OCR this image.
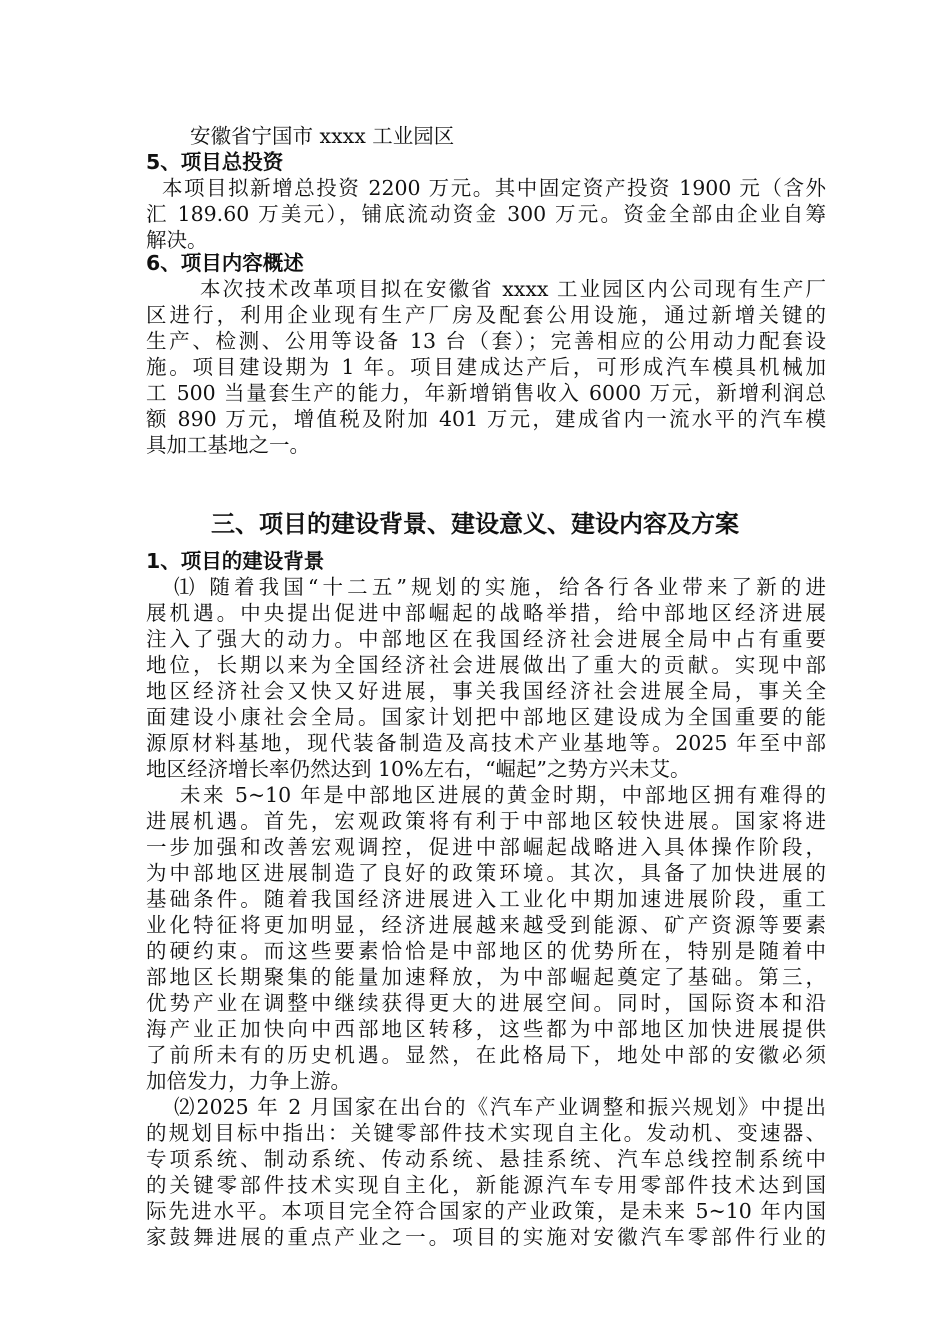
安徽省宁国市 xxxx 工业园区
5、项目总投资
本项目拟新增总投资 2200 万元。其中固定资产投资 1900 元（含外
汇 189.60 万美元），铺底流动资金 300 万元。资金全部由企业自筹
解决。
6、项目内容概述
本次技术改革项目拟在安徽省 xxxx 工业园区内公司现有生产厂
区进行，利用企业现有生产厂房及配套公用设施，通过新增关键的
生产、检测、公用等设备 13 台（套）；完善相应的公用动力配套设
施。项目建设期为 1 年。项目建成达产后，可形成汽车模具机械加
工 500 当量套生产的能力，年新增销售收入 6000 万元，新增利润总
额 890 万元，增值税及附加 401 万元，建成省内一流水平的汽车模
具加工基地之一。
三、项目的建设背景、建设意义、建设内容及方案
1、项目的建设背景
⑴ 随着我国“十二五”规划的实施，给各行各业带来了新的进
展机遇。中央提出促进中部崛起的战略举措，给中部地区经济进展
注入了强大的动力。中部地区在我国经济社会进展全局中占有重要
地位，长期以来为全国经济社会进展做出了重大的贡献。实现中部
地区经济社会又快又好进展，事关我国经济社会进展全局，事关全
面建设小康社会全局。国家计划把中部地区建设成为全国重要的能
源原材料基地，现代装备制造及高技术产业基地等。2025 年至中部
地区经济增长率仍然达到 10%左右，“崛起”之势方兴未艾。
未来 5~10 年是中部地区进展的黄金时期，中部地区拥有难得的
进展机遇。首先，宏观政策将有利于中部地区较快进展。国家将进
一步加强和改善宏观调控，促进中部崛起战略进入具体操作阶段，
为中部地区进展制造了良好的政策环境。其次，具备了加快进展的
基础条件。随着我国经济进展进入工业化中期加速进展阶段，重工
业化特征将更加明显，经济进展越来越受到能源、矿产资源等要素
的硬约束。而这些要素恰恰是中部地区的优势所在，特别是随着中
部地区长期聚集的能量加速释放，为中部崛起奠定了基础。第三，
优势产业在调整中继续获得更大的进展空间。同时，国际资本和沿
海产业正加快向中西部地区转移，这些都为中部地区加快进展提供
了前所未有的历史机遇。显然，在此格局下，地处中部的安徽必须
加倍发力，力争上游。
⑵2025 年 2 月国家在出台的《汽车产业调整和振兴规划》中提出
的规划目标中指出：关键零部件技术实现自主化。发动机、变速器、
专项系统、制动系统、传动系统、悬挂系统、汽车总线控制系统中
的关键零部件技术实现自主化，新能源汽车专用零部件技术达到国
际先进水平。本项目完全符合国家的产业政策，是未来 5~10 年内国
家鼓舞进展的重点产业之一。项目的实施对安徽汽车零部件行业的
